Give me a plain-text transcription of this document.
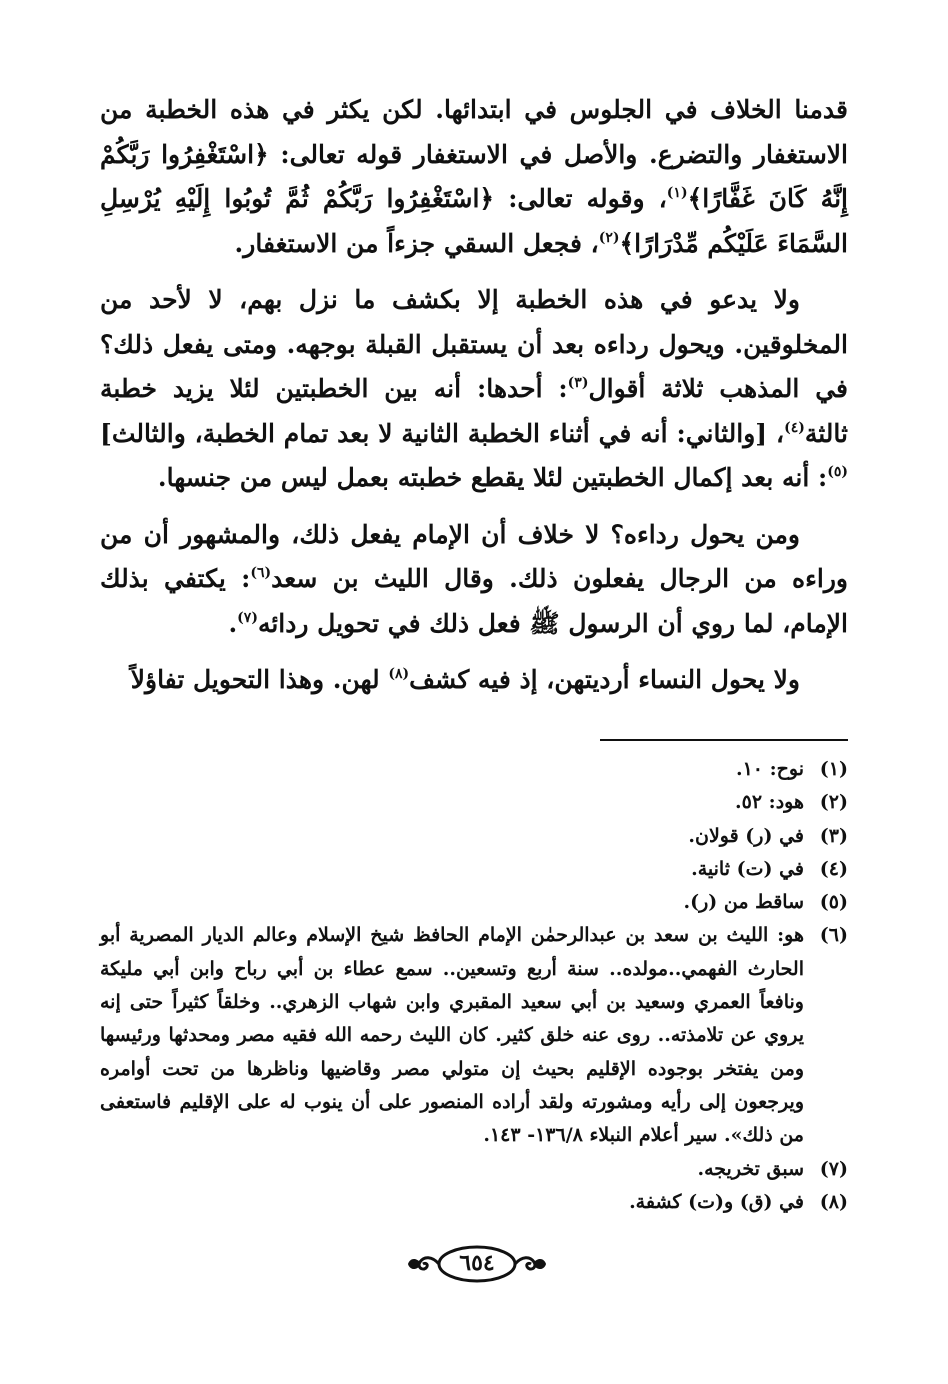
قدمنا الخلاف في الجلوس في ابتدائها. لكن يكثر في هذه الخطبة من الاستغفار والتضرع. والأصل في الاستغفار قوله تعالى: ﴿اسْتَغْفِرُوا رَبَّكُمْ إِنَّهُ كَانَ غَفَّارًا﴾$^{(١)}$، وقوله تعالى: ﴿اسْتَغْفِرُوا رَبَّكُمْ ثُمَّ تُوبُوا إِلَيْهِ يُرْسِلِ السَّمَاءَ عَلَيْكُم مِّدْرَارًا﴾$^{(٢)}$، فجعل السقي جزءاً من الاستغفار.

ولا يدعو في هذه الخطبة إلا بكشف ما نزل بهم، لا لأحد من المخلوقين. ويحول رداءه بعد أن يستقبل القبلة بوجهه. ومتى يفعل ذلك؟ في المذهب ثلاثة أقوال$^{(٣)}$: أحدها: أنه بين الخطبتين لئلا يزيد خطبة ثالثة$^{(٤)}$، [والثاني: أنه في أثناء الخطبة الثانية لا بعد تمام الخطبة، والثالث]$^{(٥)}$: أنه بعد إكمال الخطبتين لئلا يقطع خطبته بعمل ليس من جنسها.

ومن يحول رداءه؟ لا خلاف أن الإمام يفعل ذلك، والمشهور أن من وراءه من الرجال يفعلون ذلك. وقال الليث بن سعد$^{(٦)}$: يكتفي بذلك الإمام، لما روي أن الرسول ﷺ فعل ذلك في تحويل ردائه$^{(٧)}$.

ولا يحول النساء أرديتهن، إذ فيه كشف$^{(٨)}$ لهن. وهذا التحويل تفاؤلاً

(١)
نوح: ١٠.
(٢)
هود: ٥٢.
(٣)
في (ر) قولان.
(٤)
في (ت) ثانية.
(٥)
ساقط من (ر).
(٦)
هو: الليث بن سعد بن عبدالرحمٰن الإمام الحافظ شيخ الإسلام وعالم الديار المصرية أبو الحارث الفهمي..مولده.. سنة أربع وتسعين.. سمع عطاء بن أبي رباح وابن أبي مليكة ونافعاً العمري وسعيد بن أبي سعيد المقبري وابن شهاب الزهري.. وخلقاً كثيراً حتى إنه يروي عن تلامذته.. روى عنه خلق كثير. كان الليث رحمه الله فقيه مصر ومحدثها ورئيسها ومن يفتخر بوجوده الإقليم بحيث إن متولي مصر وقاضيها وناظرها من تحت أوامره ويرجعون إلى رأيه ومشورته ولقد أراده المنصور على أن ينوب له على الإقليم فاستعفى من ذلك». سير أعلام النبلاء ١٣٦/٨- ١٤٣.
(٧)
سبق تخريجه.
(٨)
في (ق) و(ت) كشفة.
٦٥٤
